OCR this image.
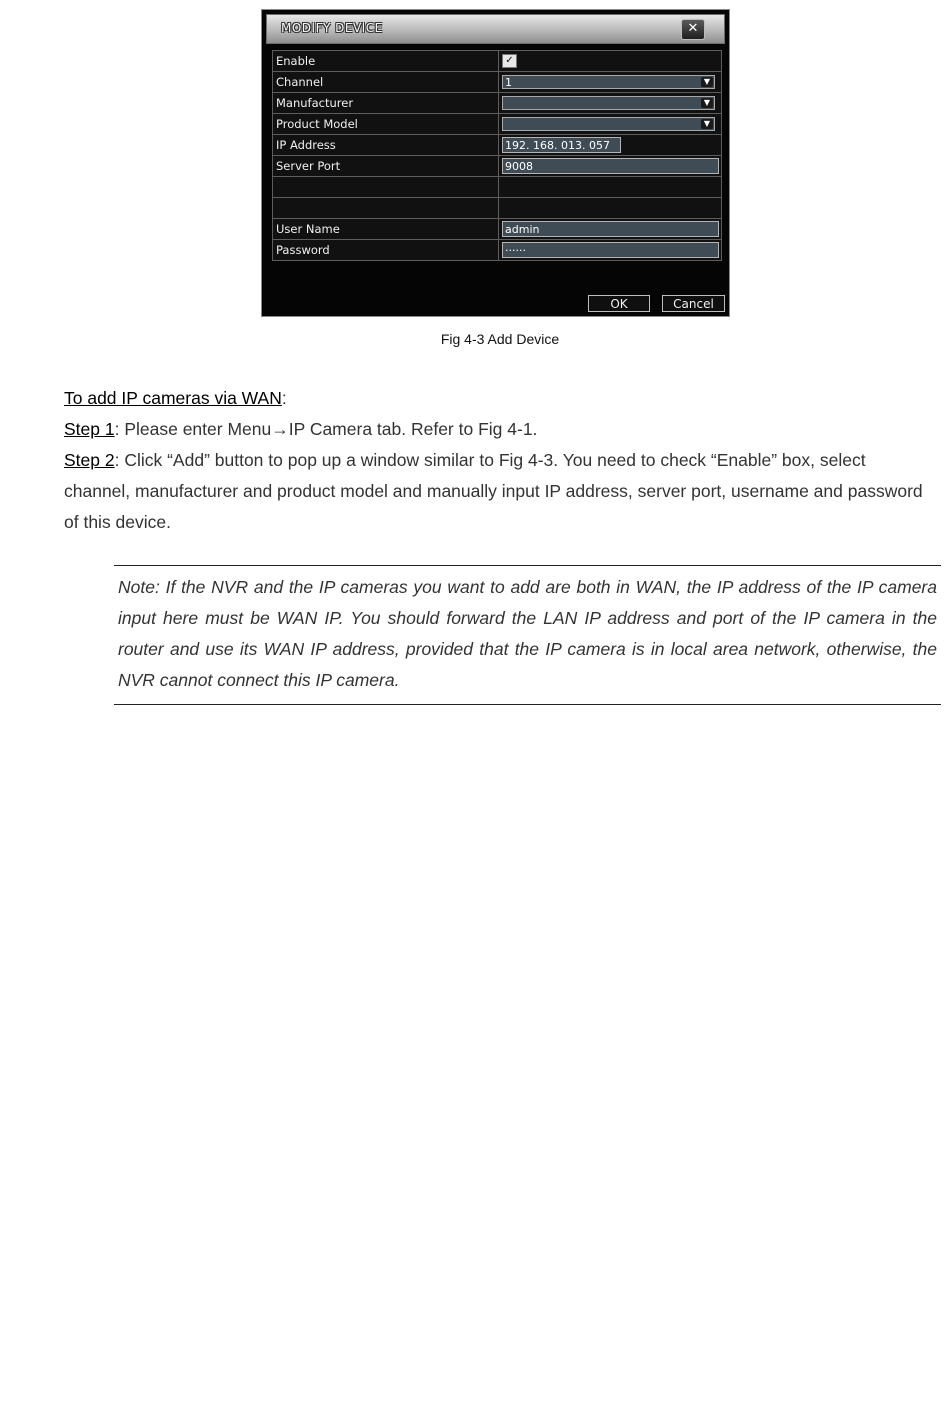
MODIFY DEVICE	✕
Enable	✓
Channel	1 ▼

Manufacturer	▼

Product Model	▼

IP Address	192. 168. 013. 057

Server Port	9008

User Name	admin

Password	······
OK	Cancel
Fig 4-3 Add Device
To add IP cameras via WAN:
Step 1: Please enter Menu→IP Camera tab. Refer to Fig 4-1.
Step 2: Click “Add” button to pop up a window similar to Fig 4-3. You need to check “Enable” box, select channel, manufacturer and product model and manually input IP address, server port, username and password of this device.

Note: If the NVR and the IP cameras you want to add are both in WAN, the IP address of the IP camera input here must be WAN IP. You should forward the LAN IP address and port of the IP camera in the router and use its WAN IP address, provided that the IP camera is in local area network, otherwise, the NVR cannot connect this IP camera.
